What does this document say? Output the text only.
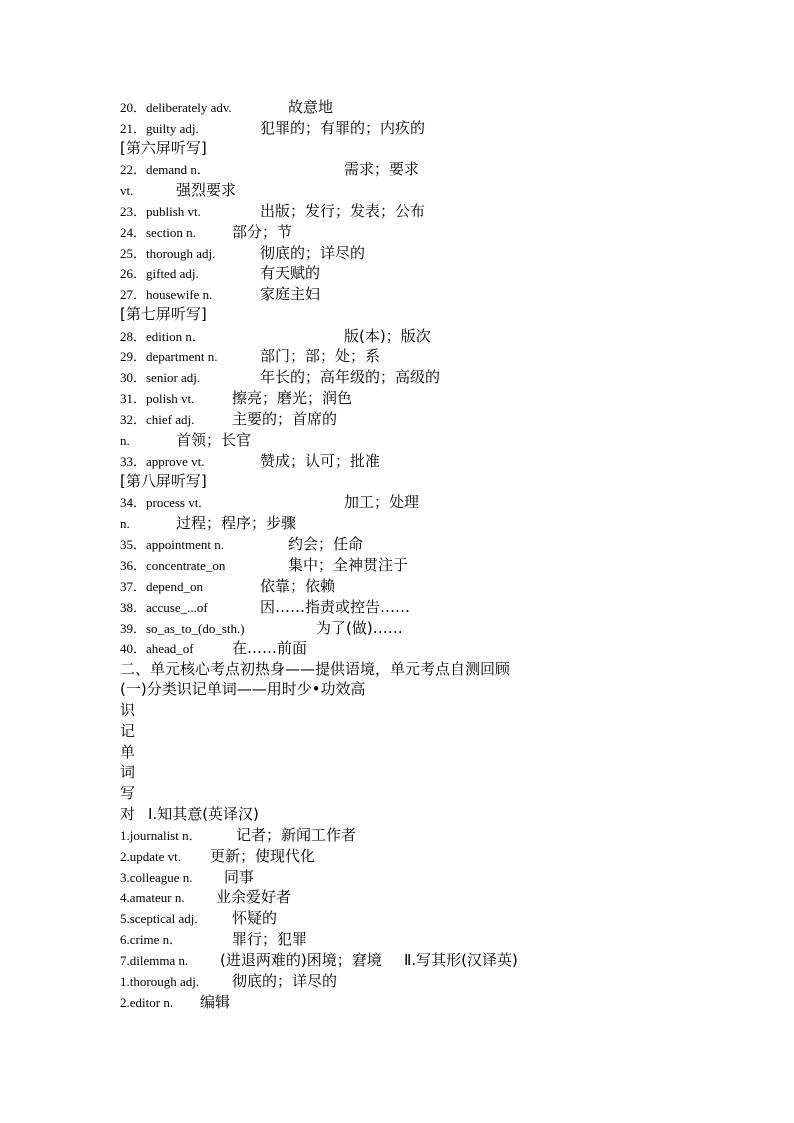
20．deliberately adv.	故意地
21．guilty adj.	犯罪的；有罪的；内疚的
[第六屏听写]
22．demand n．	需求；要求
vt.	强烈要求
23．publish vt.	出版；发行；发表；公布
24．section n. 部分；节
25．thorough adj.	彻底的；详尽的
26．gifted adj.	有天赋的
27．housewife n.	家庭主妇
[第七屏听写]
28．edition n．	版(本)；版次
29．department n.	部门；部；处；系
30．senior adj.	年长的；高年级的；高级的
31．polish vt.	擦亮；磨光；润色
32．chief adj.	主要的；首席的
n.	首领；长官
33．approve vt.	赞成；认可；批准
[第八屏听写]
34．process vt.	加工；处理
n.	过程；程序；步骤
35．appointment n.	约会；任命
36．concentrate_on	集中；全神贯注于
37．depend_on	依靠；依赖
38．accuse_...of	因……指责或控告……
39．so_as_to_(do_sth.)	为了(做)……
40．ahead_of	在……前面
二、单元核心考点初热身——提供语境，单元考点自测回顾
(一)分类识记单词——用时少•功效高
识
记
单
词
写
对 Ⅰ.知其意(英译汉)
1.journalist n． 记者；新闻工作者
2.update vt. 更新；使现代化
3.colleague n. 同事
4.amateur n. 业余爱好者
5.sceptical adj. 怀疑的
6.crime n．	罪行；犯罪
7.dilemma n. (进退两难的)困境；窘境 Ⅱ.写其形(汉译英)
1.thorough adj. 彻底的；详尽的
2.editor n. 编辑
